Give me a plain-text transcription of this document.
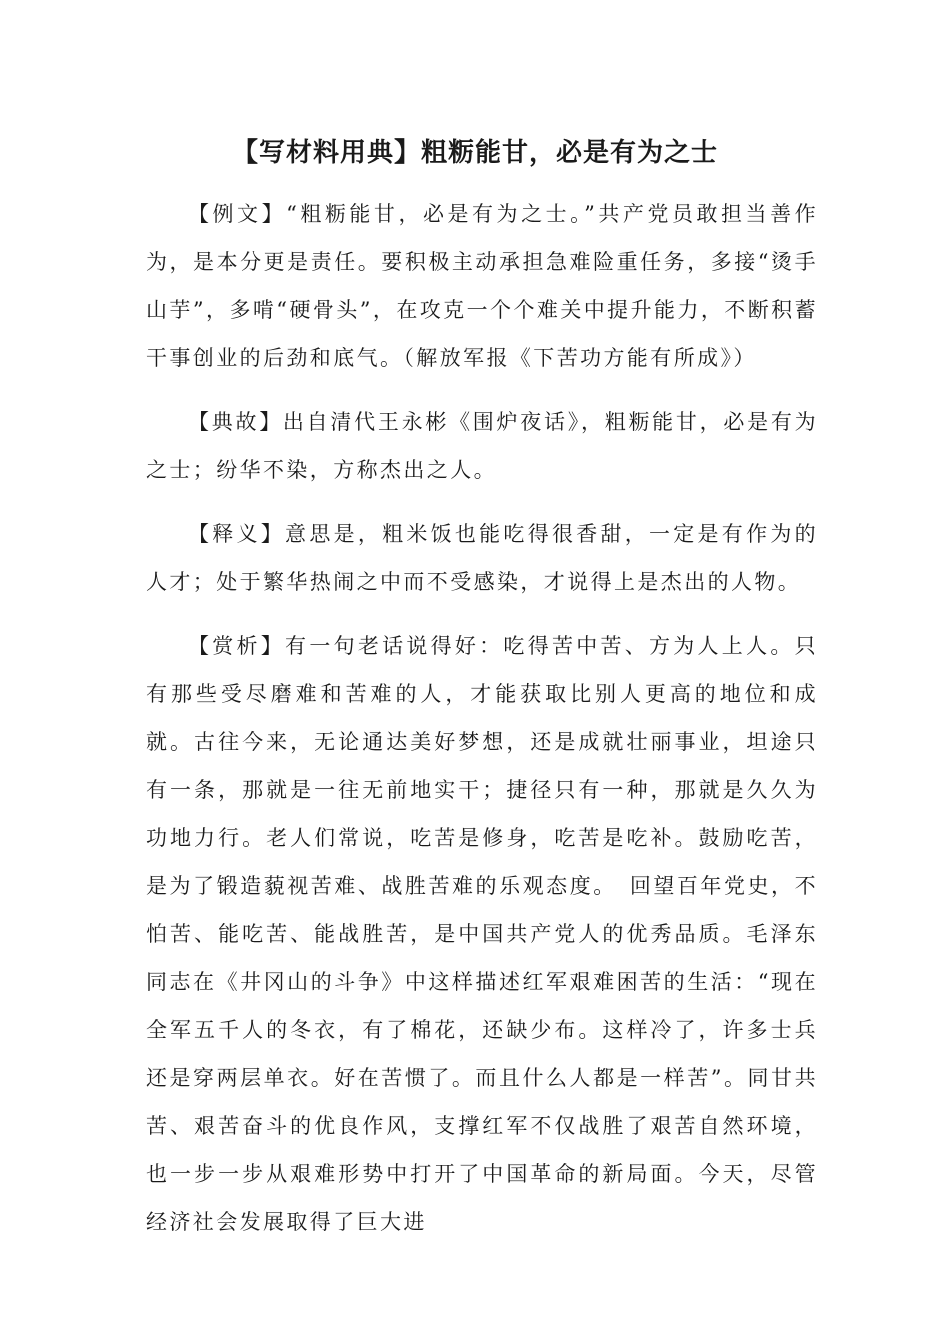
【写材料用典】粗粝能甘，必是有为之士

【例文】“粗粝能甘，必是有为之士。”共产党员敢担当善作为，是本分更是责任。要积极主动承担急难险重任务，多接“烫手山芋”，多啃“硬骨头”，在攻克一个个难关中提升能力，不断积蓄干事创业的后劲和底气。（解放军报《下苦功方能有所成》）

【典故】出自清代王永彬《围炉夜话》，粗粝能甘，必是有为之士；纷华不染，方称杰出之人。

【释义】意思是，粗米饭也能吃得很香甜，一定是有作为的人才；处于繁华热闹之中而不受感染，才说得上是杰出的人物。

【赏析】有一句老话说得好：吃得苦中苦、方为人上人。只有那些受尽磨难和苦难的人，才能获取比别人更高的地位和成就。古往今来，无论通达美好梦想，还是成就壮丽事业，坦途只有一条，那就是一往无前地实干；捷径只有一种，那就是久久为功地力行。老人们常说，吃苦是修身，吃苦是吃补。鼓励吃苦，是为了锻造藐视苦难、战胜苦难的乐观态度。　回望百年党史，不怕苦、能吃苦、能战胜苦，是中国共产党人的优秀品质。毛泽东同志在《井冈山的斗争》中这样描述红军艰难困苦的生活：“现在全军五千人的冬衣，有了棉花，还缺少布。这样冷了，许多士兵还是穿两层单衣。好在苦惯了。而且什么人都是一样苦”。同甘共苦、艰苦奋斗的优良作风，支撑红军不仅战胜了艰苦自然环境，也一步一步从艰难形势中打开了中国革命的新局面。今天，尽管经济社会发展取得了巨大进
